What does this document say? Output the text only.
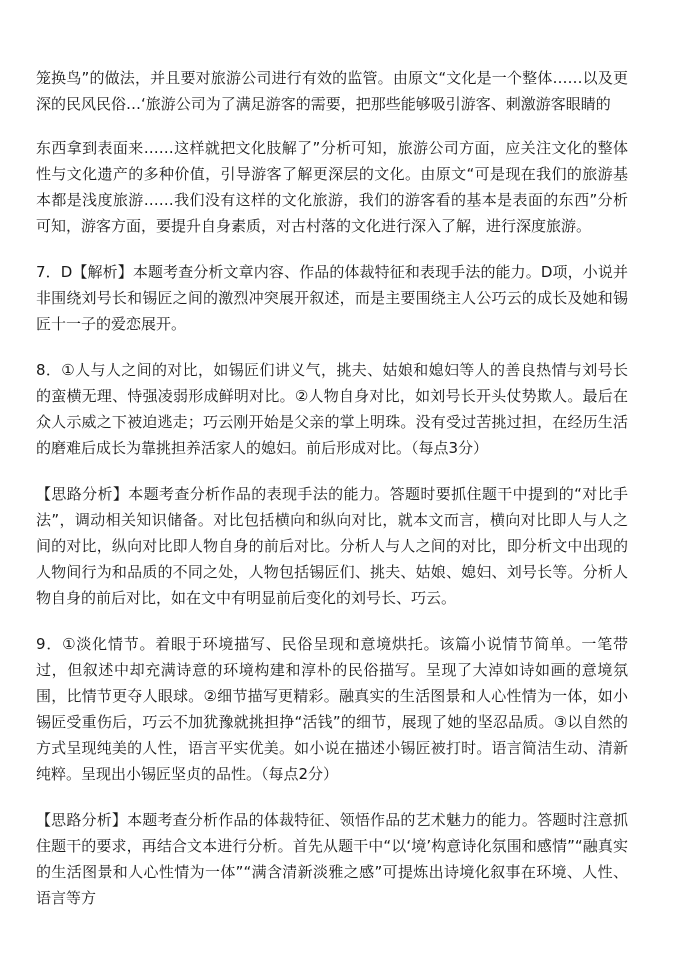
笼换鸟”的做法，并且要对旅游公司进行有效的监管。由原文“文化是一个整体……以及更深的民风民俗…‘旅游公司为了满足游客的需要，把那些能够吸引游客、刺激游客眼睛的

东西拿到表面来……这样就把文化肢解了”分析可知，旅游公司方面，应关注文化的整体性与文化遗产的多种价值，引导游客了解更深层的文化。由原文“可是现在我们的旅游基本都是浅度旅游……我们没有这样的文化旅游，我们的游客看的基本是表面的东西”分析可知，游客方面，要提升自身素质，对古村落的文化进行深入了解，进行深度旅游。

7．D【解析】本题考查分析文章内容、作品的体裁特征和表现手法的能力。D项，小说并非围绕刘号长和锡匠之间的激烈冲突展开叙述，而是主要围绕主人公巧云的成长及她和锡匠十一子的爱恋展开。

8．①人与人之间的对比，如锡匠们讲义气，挑夫、姑娘和媳妇等人的善良热情与刘号长的蛮横无理、恃强凌弱形成鲜明对比。②人物自身对比，如刘号长开头仗势欺人。最后在众人示威之下被迫逃走；巧云刚开始是父亲的掌上明珠。没有受过苦挑过担，在经历生活的磨难后成长为靠挑担养活家人的媳妇。前后形成对比。（每点3分）

【思路分析】本题考查分析作品的表现手法的能力。答题时要抓住题干中提到的“对比手法”，调动相关知识储备。对比包括横向和纵向对比，就本文而言，横向对比即人与人之间的对比，纵向对比即人物自身的前后对比。分析人与人之间的对比，即分析文中出现的人物间行为和品质的不同之处，人物包括锡匠们、挑夫、姑娘、媳妇、刘号长等。分析人物自身的前后对比，如在文中有明显前后变化的刘号长、巧云。

9．①淡化情节。着眼于环境描写、民俗呈现和意境烘托。该篇小说情节简单。一笔带过，但叙述中却充满诗意的环境构建和淳朴的民俗描写。呈现了大淖如诗如画的意境氛围，比情节更夺人眼球。②细节描写更精彩。融真实的生活图景和人心性情为一体，如小锡匠受重伤后，巧云不加犹豫就挑担挣“活钱”的细节，展现了她的坚忍品质。③以自然的方式呈现纯美的人性，语言平实优美。如小说在描述小锡匠被打时。语言简洁生动、清新纯粹。呈现出小锡匠坚贞的品性。（每点2分）

【思路分析】本题考查分析作品的体裁特征、领悟作品的艺术魅力的能力。答题时注意抓住题干的要求，再结合文本进行分析。首先从题干中“以‘境’构意诗化氛围和感情”“融真实的生活图景和人心性情为一体”“满含清新淡雅之感”可提炼出诗境化叙事在环境、人性、语言等方
